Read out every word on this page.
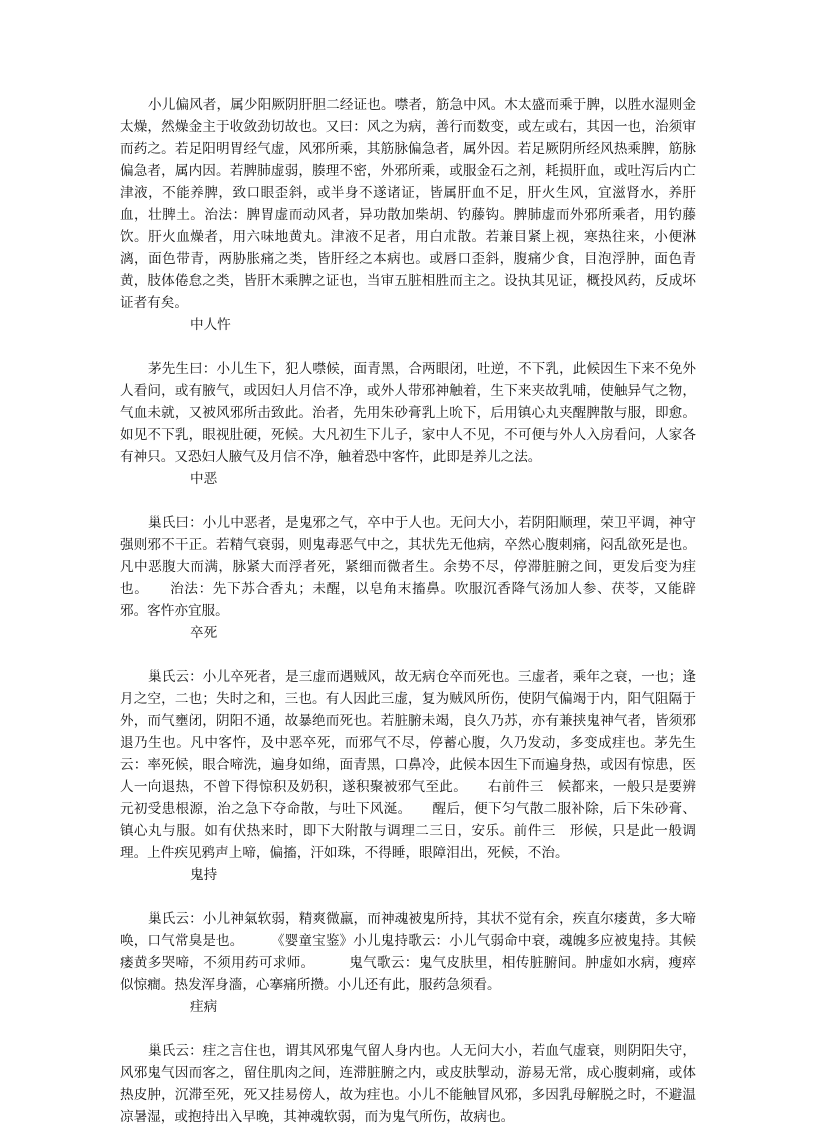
小儿偏风者，属少阳厥阴肝胆二经证也。噤者，筋急中风。木太盛而乘于脾，以胜水湿则金太燥，然燥金主于收敛劲切故也。又曰：风之为病，善行而数变，或左或右，其因一也，治须审而药之。若足阳明胃经气虚，风邪所乘，其筋脉偏急者，属外因。若足厥阴所经风热乘脾，筋脉偏急者，属内因。若脾肺虚弱，腠理不密，外邪所乘，或服金石之剂，耗损肝血，或吐泻后内亡津液，不能养脾，致口眼歪斜，或半身不遂诸证，皆属肝血不足，肝火生风，宜滋肾水，养肝血，壮脾土。治法：脾胃虚而动风者，异功散加柴胡、钓藤钩。脾肺虚而外邪所乘者，用钓藤饮。肝火血燥者，用六味地黄丸。津液不足者，用白朮散。若兼目紧上视，寒热往来，小便淋漓，面色带青，两胁胀痛之类，皆肝经之本病也。或唇口歪斜，腹痛少食，目泡浮肿，面色青黄，肢体倦怠之类，皆肝木乘脾之证也，当审五脏相胜而主之。设执其见证，概投风药，反成坏证者有矣。

中人忤

茅先生曰：小儿生下，犯人噤候，面青黑，合两眼闭，吐逆，不下乳，此候因生下来不免外人看问，或有腋气，或因妇人月信不净，或外人带邪神触着，生下来夹故乳哺，使触异气之物，气血未就，又被风邪所击致此。治者，先用朱砂膏乳上吮下，后用镇心丸夹醒脾散与服，即愈。如见不下乳，眼视肚硬，死候。大凡初生下儿子，家中人不见，不可便与外人入房看问，人家各有神只。又恐妇人腋气及月信不净，触着恐中客忤，此即是养儿之法。

中恶

巢氏曰：小儿中恶者，是鬼邪之气，卒中于人也。无问大小，若阴阳顺理，荣卫平调，神守强则邪不干正。若精气衰弱，则鬼毒恶气中之，其状先无他病，卒然心腹刺痛，闷乱欲死是也。凡中恶腹大而满，脉紧大而浮者死，紧细而微者生。余势不尽，停滞脏腑之间，更发后变为疰也。　　治法：先下苏合香丸；未醒，以皂角末搐鼻。吹服沉香降气汤加人参、茯苓，又能辟邪。客忤亦宜服。

卒死

巢氏云：小儿卒死者，是三虚而遇贼风，故无病仓卒而死也。三虚者，乘年之衰，一也；逢月之空，二也；失时之和，三也。有人因此三虚，复为贼风所伤，使阴气偏竭于内，阳气阻隔于外，而气壅闭，阴阳不通，故暴绝而死也。若脏腑未竭，良久乃苏，亦有兼挟鬼神气者，皆须邪退乃生也。凡中客忤，及中恶卒死，而邪气不尽，停蓄心腹，久乃发动，多变成疰也。茅先生云：率死候，眼合啼洗，遍身如绵，面青黑，口鼻冷，此候本因生下而遍身热，或因有惊患，医人一向退热，不曾下得惊积及奶积，遂积聚被邪气至此。　　右前件三　候都来，一般只是要辨元初受患根源，治之急下夺命散，与吐下风涎。　　醒后，便下匀气散二服补除，后下朱砂膏、镇心丸与服。如有伏热来时，即下大附散与调理二三日，安乐。前件三　形候，只是此一般调理。上件疾见鸦声上啼，偏搐，汗如珠，不得睡，眼障泪出，死候，不治。

鬼持

巢氏云：小儿神氣软弱，精爽微羸，而神魂被鬼所持，其状不觉有余，疾直尔瘘黄，多大啼唤，口气常臭是也。　　　《婴童宝鉴》小儿鬼持歌云：小儿气弱命中衰，魂魄多应被鬼持。其候瘘黄多哭啼，不须用药可求师。　　　鬼气歌云：鬼气皮肤里，相传脏腑间。肿虚如水病，瘦瘁似惊癎。热发浑身濇，心搴痛所攒。小儿还有此，服药急须看。

疰病

巢氏云：疰之言住也，谓其风邪鬼气留人身内也。人无问大小，若血气虚衰，则阴阳失守，风邪鬼气因而客之，留住肌肉之间，连滞脏腑之内，或皮肤掣动，游易无常，成心腹刺痛，或体热皮肿，沉滞至死，死又挂易傍人，故为疰也。小儿不能触冒风邪，多因乳母解脱之时，不避温凉暑湿，或抱持出入早晚，其神魂软弱，而为鬼气所伤，故病也。
